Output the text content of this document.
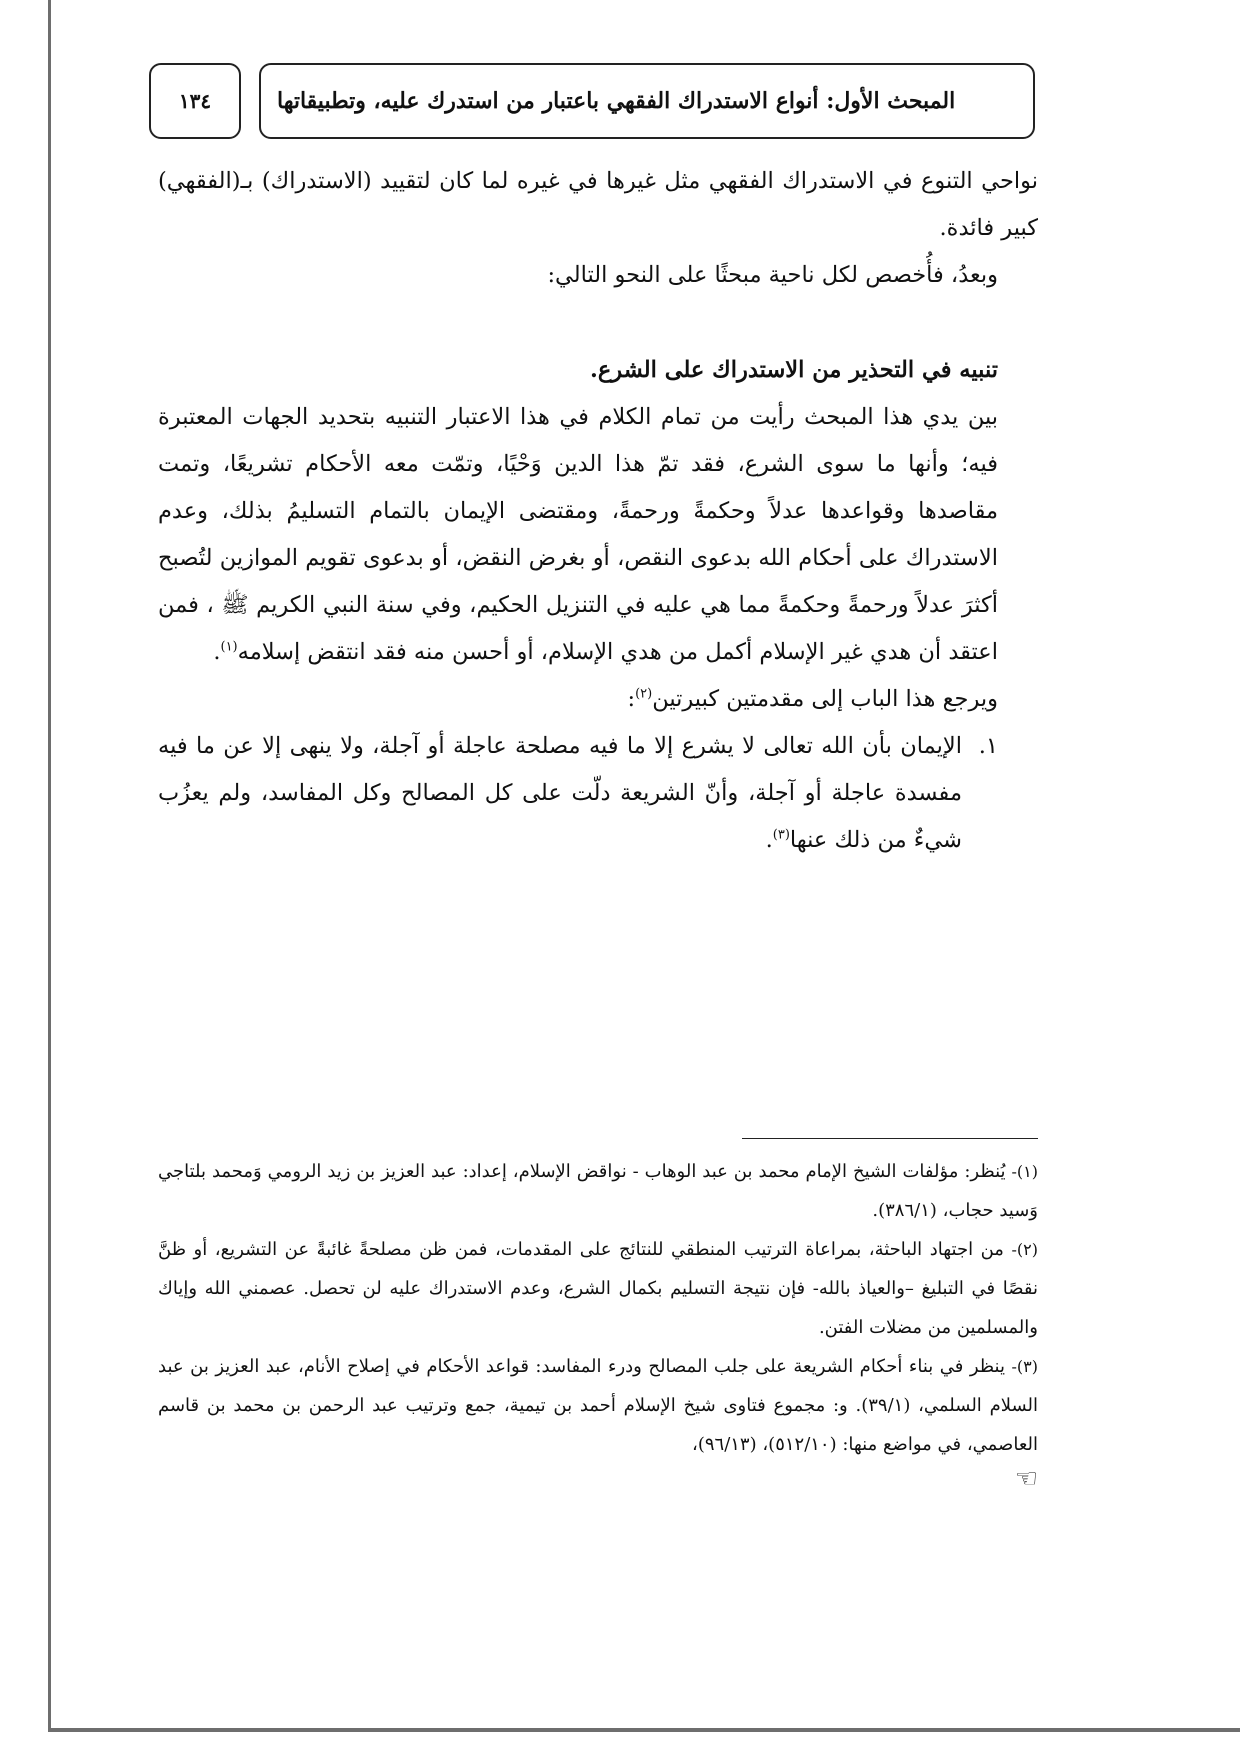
المبحث الأول: أنواع الاستدراك الفقهي باعتبار من استدرك عليه، وتطبيقاتها
١٣٤

نواحي التنوع في الاستدراك الفقهي مثل غيرها في غيره لما كان لتقييد (الاستدراك) بـ(الفقهي) كبير فائدة.

وبعدُ، فأُخصص لكل ناحية مبحثًا على النحو التالي:

تنبيه في التحذير من الاستدراك على الشرع.

بين يدي هذا المبحث رأيت من تمام الكلام في هذا الاعتبار التنبيه بتحديد الجهات المعتبرة فيه؛ وأنها ما سوى الشرع، فقد تمّ هذا الدين وَحْيًا، وتمّت معه الأحكام تشريعًا، وتمت مقاصدها وقواعدها عدلاً وحكمةً ورحمةً، ومقتضى الإيمان بالتمام التسليمُ بذلك، وعدم الاستدراك على أحكام الله بدعوى النقص، أو بغرض النقض، أو بدعوى تقويم الموازين لتُصبح أكثرَ عدلاً ورحمةً وحكمةً مما هي عليه في التنزيل الحكيم، وفي سنة النبي الكريم ﷺ ، فمن اعتقد أن هدي غير الإسلام أكمل من هدي الإسلام، أو أحسن منه فقد انتقض إسلامه$^{(١)}$.

ويرجع هذا الباب إلى مقدمتين كبيرتين$^{(٢)}$:

١.
الإيمان بأن الله تعالى لا يشرع إلا ما فيه مصلحة عاجلة أو آجلة، ولا ينهى إلا عن ما فيه مفسدة عاجلة أو آجلة، وأنّ الشريعة دلّت على كل المصالح وكل المفاسد، ولم يعزُب شيءٌ من ذلك عنها$^{(٣)}$.

(١)- يُنظر: مؤلفات الشيخ الإمام محمد بن عبد الوهاب - نواقض الإسلام، إعداد: عبد العزيز بن زيد الرومي وَمحمد بلتاجي وَسيد حجاب، (٣٨٦/١).

(٢)- من اجتهاد الباحثة، بمراعاة الترتيب المنطقي للنتائج على المقدمات، فمن ظن مصلحةً غائبةً عن التشريع، أو ظنَّ نقصًا في التبليغ –والعياذ بالله- فإن نتيجة التسليم بكمال الشرع، وعدم الاستدراك عليه لن تحصل. عصمني الله وإياك والمسلمين من مضلات الفتن.

(٣)- ينظر في بناء أحكام الشريعة على جلب المصالح ودرء المفاسد: قواعد الأحكام في إصلاح الأنام، عبد العزيز بن عبد السلام السلمي، (٣٩/١). و: مجموع فتاوى شيخ الإسلام أحمد بن تيمية، جمع وترتيب عبد الرحمن بن محمد بن قاسم العاصمي، في مواضع منها: (٥١٢/١٠)، (٩٦/١٣)،

☜
